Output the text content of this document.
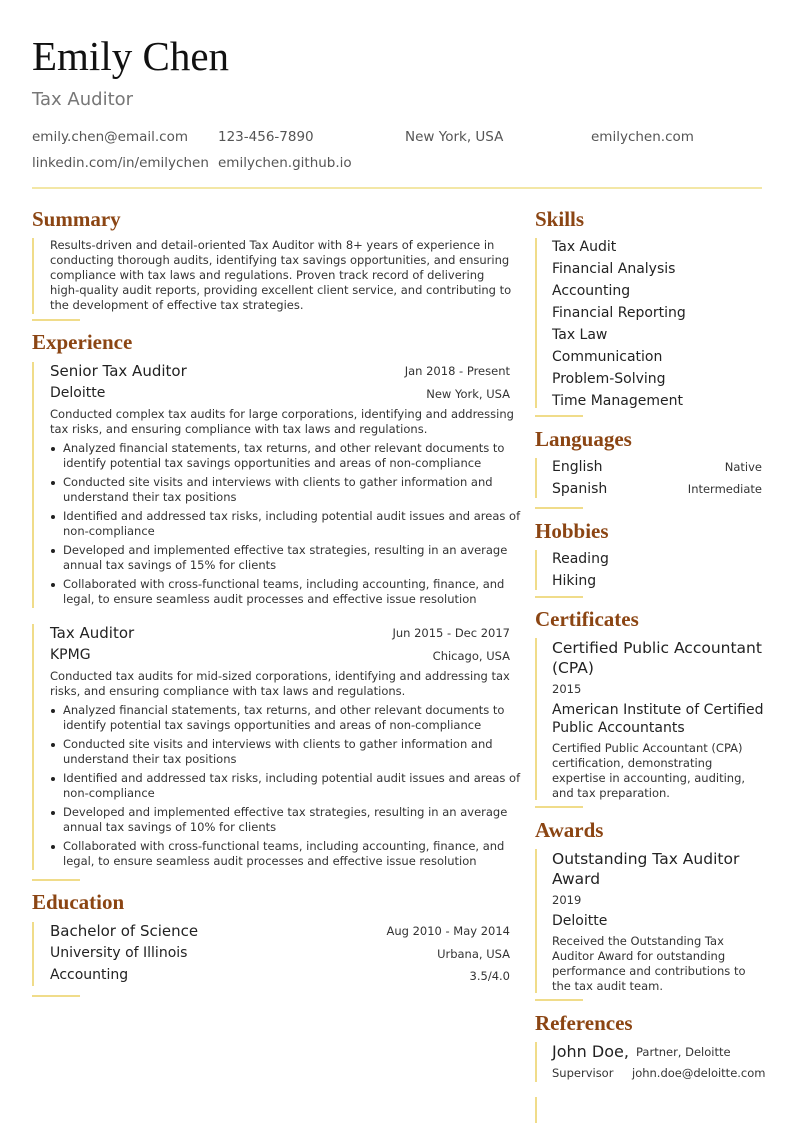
Emily Chen
Tax Auditor
emily.chen@email.com 123-456-7890	New York, USA	emilychen.com
linkedin.com/in/emilychen emilychen.github.io
Summary
Results-driven and detail-oriented Tax Auditor with 8+ years of experience in
conducting thorough audits, identifying tax savings opportunities, and ensuring
compliance with tax laws and regulations. Proven track record of delivering
high-quality audit reports, providing excellent client service, and contributing to
the development of effective tax strategies.
Experience
Senior Tax Auditor	Jan 2018 - Present
Deloitte	New York, USA
Conducted complex tax audits for large corporations, identifying and addressing
tax risks, and ensuring compliance with tax laws and regulations.
Analyzed financial statements, tax returns, and other relevant documents to
identify potential tax savings opportunities and areas of non-compliance
Conducted site visits and interviews with clients to gather information and
understand their tax positions
Identified and addressed tax risks, including potential audit issues and areas of
non-compliance
Developed and implemented effective tax strategies, resulting in an average
annual tax savings of 15% for clients
Collaborated with cross-functional teams, including accounting, finance, and
legal, to ensure seamless audit processes and effective issue resolution
Tax Auditor	Jun 2015 - Dec 2017
KPMG	Chicago, USA
Conducted tax audits for mid-sized corporations, identifying and addressing tax
risks, and ensuring compliance with tax laws and regulations.
Analyzed financial statements, tax returns, and other relevant documents to
identify potential tax savings opportunities and areas of non-compliance
Conducted site visits and interviews with clients to gather information and
understand their tax positions
Identified and addressed tax risks, including potential audit issues and areas of
non-compliance
Developed and implemented effective tax strategies, resulting in an average
annual tax savings of 10% for clients
Collaborated with cross-functional teams, including accounting, finance, and
legal, to ensure seamless audit processes and effective issue resolution
Education
Bachelor of Science	Aug 2010 - May 2014
University of Illinois	Urbana, USA
Accounting	3.5/4.0
Skills
Tax Audit
Financial Analysis
Accounting
Financial Reporting
Tax Law
Communication
Problem-Solving
Time Management
Languages
English	Native
Spanish	Intermediate
Hobbies
Reading
Hiking
Certificates
Certified Public Accountant
(CPA)
2015
American Institute of Certified
Public Accountants
Certified Public Accountant (CPA)
certification, demonstrating
expertise in accounting, auditing,
and tax preparation.
Awards
Outstanding Tax Auditor
Award
2019
Deloitte
Received the Outstanding Tax
Auditor Award for outstanding
performance and contributions to
the tax audit team.
References
John Doe, Partner, Deloitte
Supervisor john.doe@deloitte.com
